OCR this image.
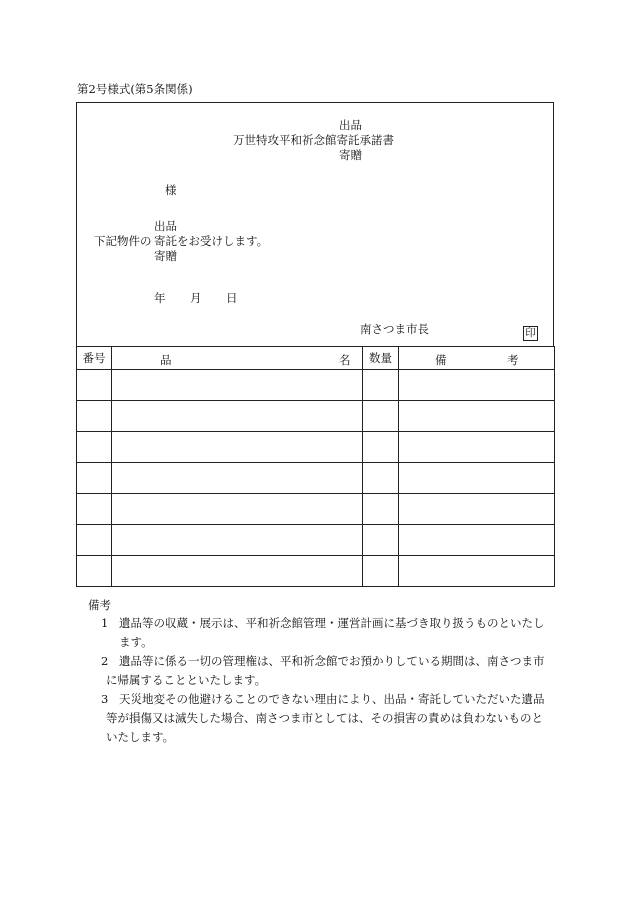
第2号様式(第5条関係)
出品
万世特攻平和祈念館寄託承諾書
寄贈
様
出品
下記物件の 寄託 をお受けします。
寄贈
年 月 日
南さつま市長	印
番号	品 名	数量	備 考

備考
1 遺品等の収蔵・展示は、平和祈念館管理・運営計画に基づき取り扱うものといたし
ます。
2 遺品等に係る一切の管理権は、平和祈念館でお預かりしている期間は、南さつま市
に帰属することといたします。
3 天災地変その他避けることのできない理由により、出品・寄託していただいた遺品
等が損傷又は滅失した場合、南さつま市としては、その損害の責めは負わないものと
いたします。
